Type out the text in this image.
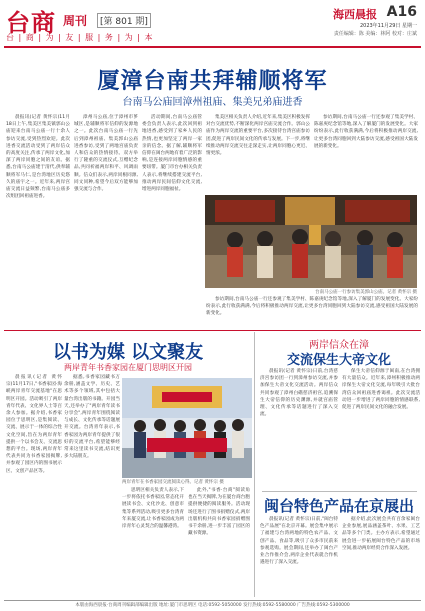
台商 周刊	[第 801 期]
台 | 商 | 为 | 友 | 服 | 务 | 为 | 本
海西晨报 A16
2023年11月29日 星期一
责任编辑：陈 美编：林阿 校对：庄斌
厦漳台南共拜辅顺将军
台南马公庙回漳州祖庙、集美兄弟庙进香

晨报讯(记者 黄怀宗)11月18日上午,集美区集美镇郭山公庙迎来台南马公庙一行十余人参访交流,受到热烈欢迎。此次进香交流活动受到了两岸信众的高度关注,传承了两岸文化,加深了两岸同胞之间的友谊。据悉,台南马公庙建于清代,供奉辅顺将军马仁,是台湾地区历史悠久的庙宇之一。近年来,两岸宫庙交流日益频繁,台南马公庙多次组团回祖庙进香。

漳州马公庙,位于漳州市芗城区,是辅顺将军信仰的发源地之一。此次台南马公庙一行先后到漳州祖庙、集美郭山公庙进香参访,受到了两地宫庙负责人和信众的热情接待。双方举行了隆重的交流仪式,互赠纪念品,共同祈福两岸和平、风调雨顺。信众们表示,两岸同根同源,同文同种,希望今后双方能够加强交流与合作。

活动期间,台南马公庙管委会负责人表示,此次回到祖地进香,感受到了家乡人民的热情,也更加坚定了两岸一家亲的信念。据了解,辅顺将军信仰在闽台两地有着广泛的影响,是连接两岸同胞情感的重要纽带。厦门市台办相关负责人表示,将继续搭建交流平台,推动两岸民间信仰文化交流,增进两岸同胞福祉。

集美区相关负责人介绍,近年来,集美区积极发挥对台交流优势,不断深化两岸宫庙交流合作。郭山公庙作为两岸交流的重要平台,多次接待台湾宫庙参访团,促进了两岸民间文化的传承与发展。下一步,将继续推动两岸交流交往走深走实,让两岸同胞心更近、情更浓。

参访期间,台南马公庙一行还参观了集美学村、陈嘉庚纪念馆等地,深入了解厦门的发展变化。大家纷纷表示,此行收获满满,今后将积极推动两岸交流,让更多台湾同胞回到大陆参访交流,感受祖国大陆发展的新变化。

台南马公庙一行参访集美郭山公庙。记者 黄怀宗 摄

参访期间,台南马公庙一行还参观了集美学村、陈嘉庚纪念馆等地,深入了解厦门的发展变化。大家纷纷表示,此行收获满满,今后将积极推动两岸交流,让更多台湾同胞回到大陆参访交流,感受祖国大陆发展的新变化。

以书为媒 以文聚友
两岸青年书香家园在厦门思明区开园

晨报讯(记者 黄怀宗)11月17日,"书香家园·海峡两岸青年交流基地"在思明区开园。活动吸引了两岸青年代表、文化界人士等百余人参加。据介绍,书香家园位于思明区,是集阅读、交流、展示于一体的综合性文化空间,旨在为两岸青年提供一个以书会友、交流思想的平台。现场,两岸青年代表共同为书香家园揭牌,并参观了园区内的图书展示区、文创产品区等。

据悉,书香家园藏书万余册,涵盖文学、历史、艺术等多个领域,其中包括大量台湾出版的书籍。开园当天,还举办了"两岸青年读书分享会",两岸青年围绕阅读与成长、文化传承等话题展开交流。台湾青年表示,书香家园为两岸青年提供了很好的交流平台,希望能够经常来这里读书交流,结识更多大陆朋友。

两岸青年在书香家园交流阅读心得。记者 黄怀宗 摄

思明区相关负责人表示,下一步将依托书香家园,常态化开展读书会、文化沙龙、创意市集等系列活动,吸引更多台湾青年来厦交流,让书香家园成为两岸青年心灵契合的温馨港湾。

此外,"书香·台商"阅读角也在当天揭牌,为在厦台商台胞提供便捷的阅读服务。活动现场还进行了图书捐赠仪式,两岸出版机构共向书香家园捐赠图书千余册,进一步丰富了园区的藏书资源。

两岸信众在漳
交流保生大帝文化

晨报讯(记者 黄怀宗)日前,台湾慈济宫参访团一行到漳州参访交流,并参加保生大帝文化交流活动。两岸信众共同参观了漳州白礁慈济祖宫,追溯保生大帝信仰的历史渊源,并就宫庙管理、文化传承等话题进行了深入交流。

保生大帝信仰源于闽南,在台湾拥有大量信众。近年来,漳州积极推动两岸保生大帝文化交流,每年吸引大批台湾信众回祖庙进香谒祖。此次交流活动进一步增进了两岸同胞的情感联系,促进了两岸民间文化的融合发展。

闽台特色产品在京展出

晨报讯(记者 黄怀宗)日前,"闽台特色产品展"在北京开幕。展会集中展示了福建与台湾两地的特色农产品、文创产品、食品等,吸引了众多市民前来参观选购。展会期间,还举办了闽台产业合作推介会,两岸企业代表就合作机遇进行了深入交流。

据介绍,此次展会共有百余家闽台企业参展,展品涵盖茶叶、水果、工艺品等多个门类。主办方表示,希望通过展会进一步拓展闽台特色产品的市场空间,推动两岸经贸合作深入发展。

本版由海西晨报·台商周刊编辑部编辑出版 地址:厦门市思明区 电话:0592-5050000 发行热线:0592-5580000 广告热线:0592-5300000
